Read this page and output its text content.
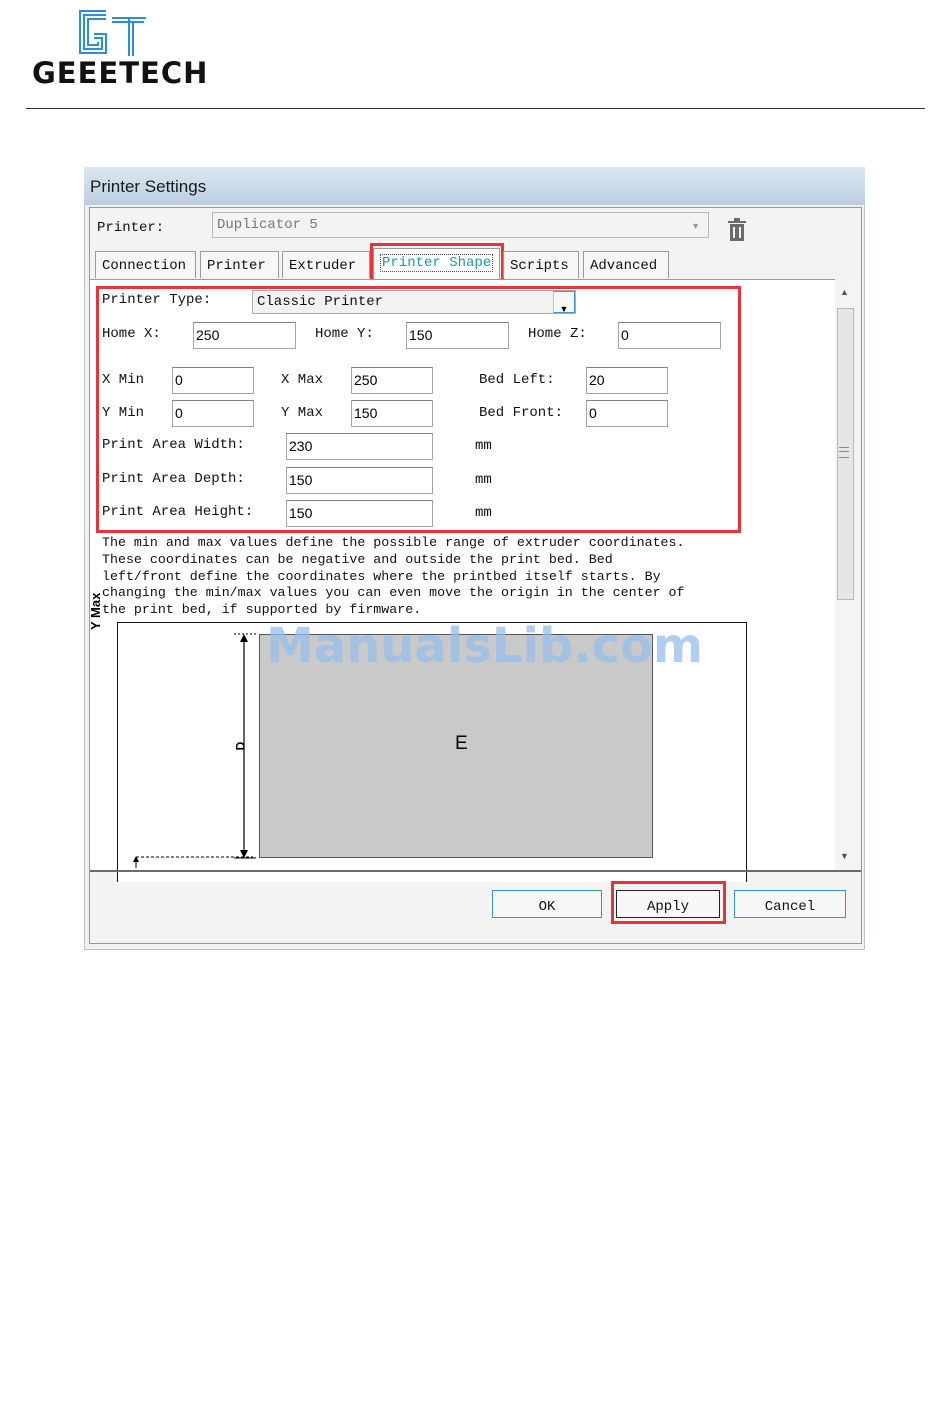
GEEETECH
Printer Settings
Printer:	Duplicator 5	▼
Connection	Printer	Extruder	Printer Shape	Scripts	Advanced
Printer Type:	Classic Printer	▼
Home X:	250	Home Y:	150	Home Z: 0
X Min 0	X Max 250	Bed Left: 20
Y Min 0	Y Max 150	Bed Front: 0
Print Area Width:	230	mm
Print Area Depth:	150	mm
Print Area Height:	150	mm
The min and max values define the possible range of extruder coordinates.
These coordinates can be negative and outside the print bed. Bed
left/front define the coordinates where the printbed itself starts. By
changing the min/max values you can even move the origin in the center of
the print bed, if supported by firmware.
Y Max
E
D
ManualsLib.com
▲
▼
OK	Apply	Cancel
